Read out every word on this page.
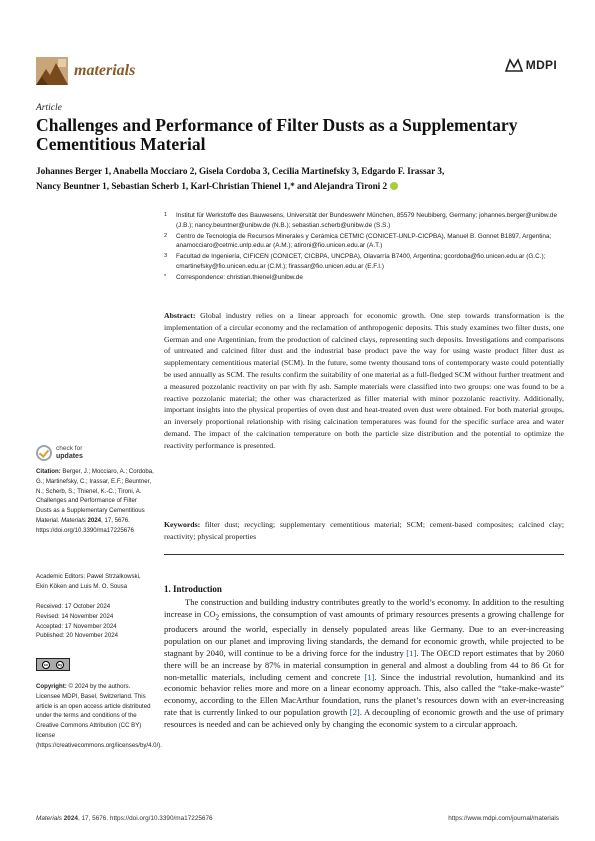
materials	MDPI
Article
Challenges and Performance of Filter Dusts as a Supplementary Cementitious Material
Johannes Berger 1, Anabella Mocciaro 2, Gisela Cordoba 3, Cecilia Martinefsky 3, Edgardo F. Irassar 3,
Nancy Beuntner 1, Sebastian Scherb 1, Karl-Christian Thienel 1,* and Alejandra Tironi 2
1	Institut für Werkstoffe des Bauwesens, Universität der Bundeswehr München, 85579 Neubiberg, Germany; johannes.berger@unibw.de (J.B.); nancy.beuntner@unibw.de (N.B.); sebastian.scherb@unibw.de (S.S.)
2	Centro de Tecnología de Recursos Minerales y Cerámica CETMIC (CONICET-UNLP-CICPBA), Manuel B. Gonnet B1897, Argentina; anamocciaro@cetmic.unlp.edu.ar (A.M.); atironi@fio.unicen.edu.ar (A.T.)
3	Facultad de Ingeniería, CIFICEN (CONICET, CICBPA, UNCPBA), Olavarría B7400, Argentina; gcordoba@fio.unicen.edu.ar (G.C.); cmartinefsky@fio.unicen.edu.ar (C.M.); firassar@fio.unicen.edu.ar (E.F.I.)
*	Correspondence: christian.thienel@unibw.de
Abstract: Global industry relies on a linear approach for economic growth. One step towards transformation is the implementation of a circular economy and the reclamation of anthropogenic deposits. This study examines two filter dusts, one German and one Argentinian, from the production of calcined clays, representing such deposits. Investigations and comparisons of untreated and calcined filter dust and the industrial base product pave the way for using waste product filter dust as supplementary cementitious material (SCM). In the future, some twenty thousand tons of contemporary waste could potentially be used annually as SCM. The results confirm the suitability of one material as a full-fledged SCM without further treatment and a measured pozzolanic reactivity on par with fly ash. Sample materials were classified into two groups: one was found to be a reactive pozzolanic material; the other was characterized as filler material with minor pozzolanic reactivity. Additionally, important insights into the physical properties of oven dust and heat-treated oven dust were obtained. For both material groups, an inversely proportional relationship with rising calcination temperatures was found for the specific surface area and water demand. The impact of the calcination temperature on both the particle size distribution and the potential to optimize the reactivity performance is presented.
Keywords: filter dust; recycling; supplementary cementitious material; SCM; cement-based composites; calcined clay; reactivity; physical properties
check for
updates
Citation: Berger, J.; Mocciaro, A.; Cordoba, G.; Martinefsky, C.; Irassar, E.F.; Beuntner, N.; Scherb, S.; Thienel, K.-C.; Tironi, A. Challenges and Performance of Filter Dusts as a Supplementary Cementitious Material. Materials 2024, 17, 5676. https://doi.org/10.3390/ma17225676
Academic Editors: Pawel Strzalkowski, Ekin Köken and Luis M. O. Sousa
Received: 17 October 2024
Revised: 14 November 2024
Accepted: 17 November 2024
Published: 20 November 2024
cc	by
Copyright: © 2024 by the authors. Licensee MDPI, Basel, Switzerland. This article is an open access article distributed under the terms and conditions of the Creative Commons Attribution (CC BY) license (https://creativecommons.org/licenses/by/4.0/).
1. Introduction

The construction and building industry contributes greatly to the world’s economy. In addition to the resulting increase in $CO_2$ emissions, the consumption of vast amounts of primary resources presents a growing challenge for producers around the world, especially in densely populated areas like Germany. Due to an ever-increasing population on our planet and improving living standards, the demand for economic growth, while projected to be stagnant by 2040, will continue to be a driving force for the industry [1]. The OECD report estimates that by 2060 there will be an increase by 87% in material consumption in general and almost a doubling from 44 to 86 Gt for non-metallic materials, including cement and concrete [1]. Since the industrial revolution, humankind and its economic behavior relies more and more on a linear economy approach. This, also called the “take-make-waste” economy, according to the Ellen MacArthur foundation, runs the planet’s resources down with an ever-increasing rate that is currently linked to our population growth [2]. A decoupling of economic growth and the use of primary resources is needed and can be achieved only by changing the economic system to a circular approach.

Materials 2024, 17, 5676. https://doi.org/10.3390/ma17225676	https://www.mdpi.com/journal/materials
